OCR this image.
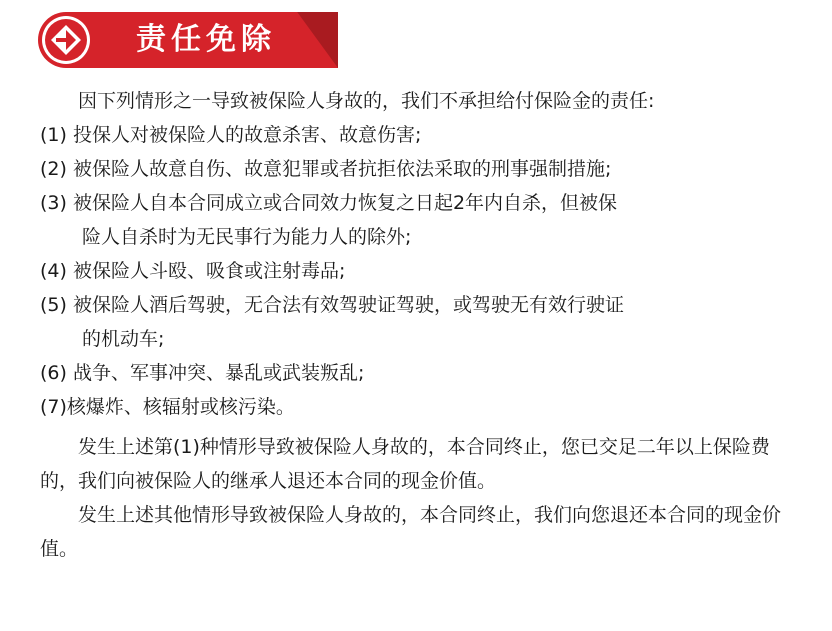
责任免除
因下列情形之一导致被保险人身故的，我们不承担给付保险金的责任:
(1) 投保人对被保险人的故意杀害、故意伤害;
(2) 被保险人故意自伤、故意犯罪或者抗拒依法采取的刑事强制措施;
(3) 被保险人自本合同成立或合同效力恢复之日起2年内自杀，但被保
险人自杀时为无民事行为能力人的除外;
(4) 被保险人斗殴、吸食或注射毒品;
(5) 被保险人酒后驾驶，无合法有效驾驶证驾驶，或驾驶无有效行驶证
的机动车;
(6) 战争、军事冲突、暴乱或武装叛乱;
(7)核爆炸、核辐射或核污染。
发生上述第(1)种情形导致被保险人身故的，本合同终止，您已交足二年以上保险费的，我们向被保险人的继承人退还本合同的现金价值。
发生上述其他情形导致被保险人身故的，本合同终止，我们向您退还本合同的现金价值。
